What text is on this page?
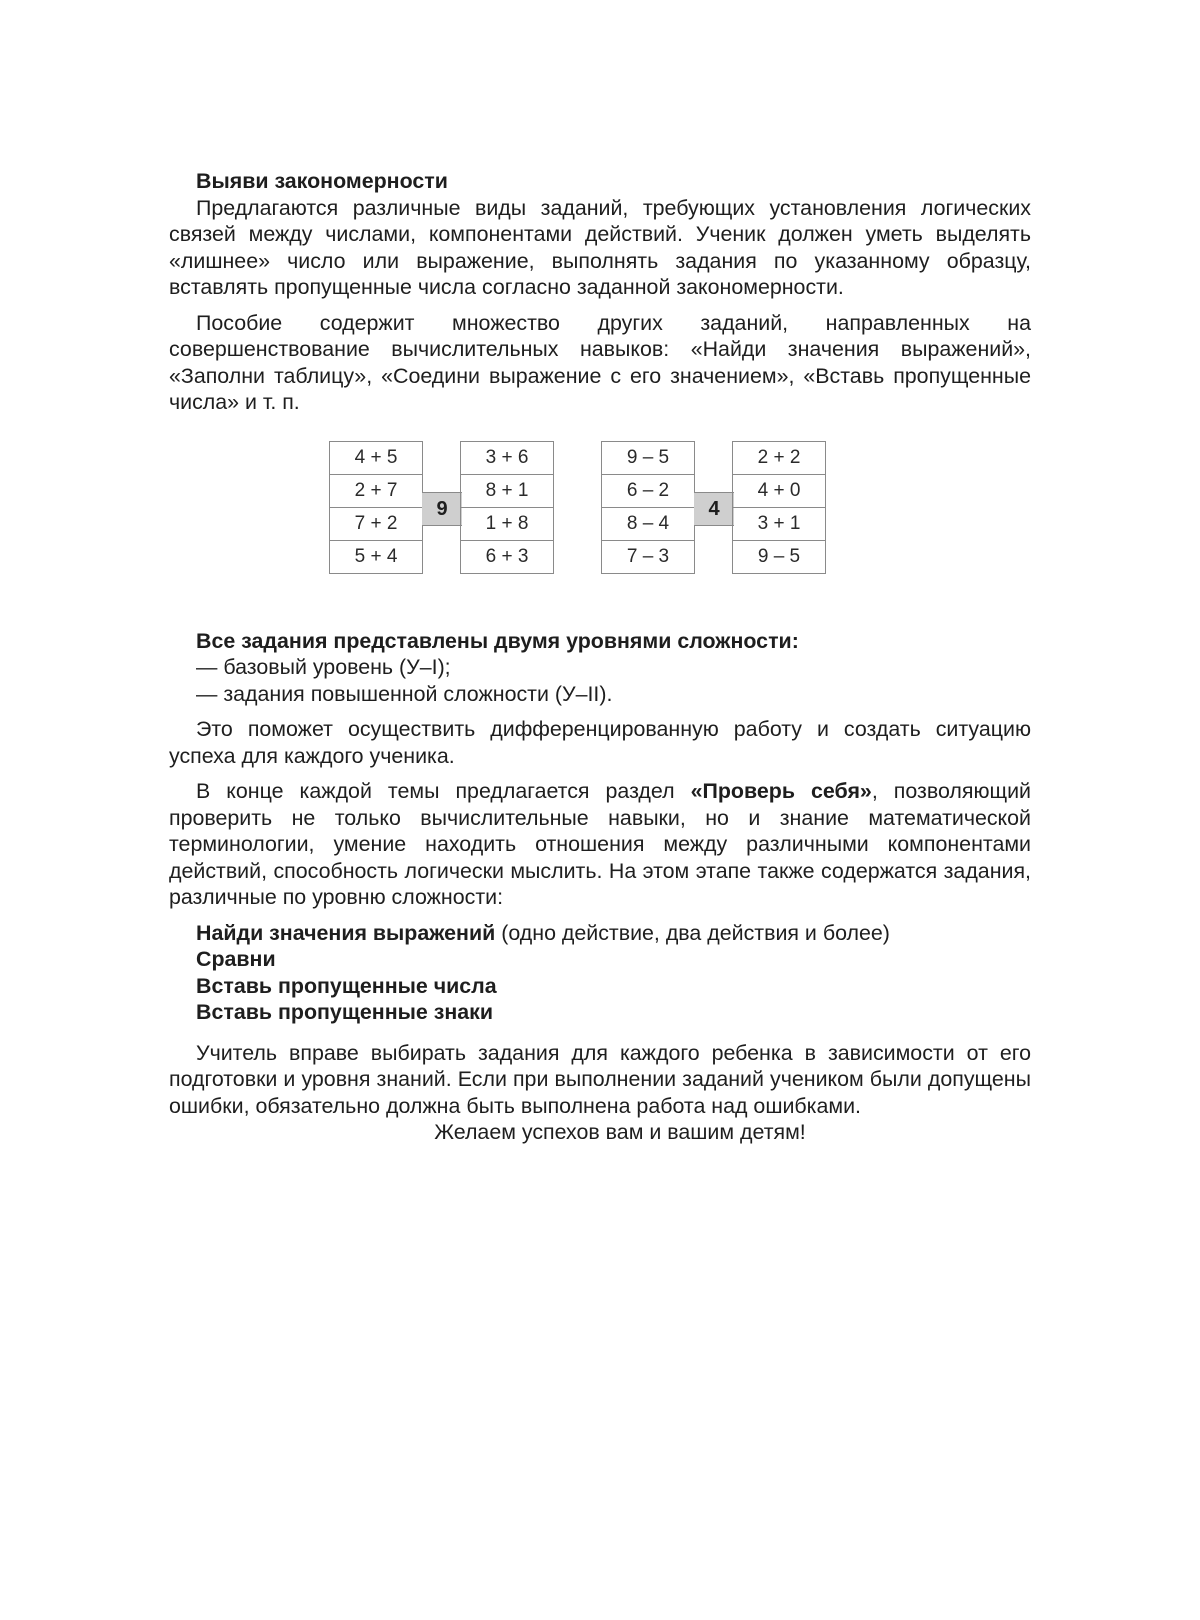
Выяви закономерности

Предлагаются различные виды заданий, требующих установления логических связей между числами, компонентами действий. Ученик должен уметь выделять «лишнее» число или выражение, выполнять задания по указанному образцу, вставлять пропущенные числа согласно заданной закономерности.

Пособие содержит множество других заданий, направленных на совершенствование вычислительных навыков: «Найди значения выражений», «Заполни таблицу», «Соедини выражение с его значением», «Вставь пропущенные числа» и т. п.

4 + 5
2 + 7
7 + 2
5 + 4
9
3 + 6
8 + 1
1 + 8
6 + 3
9 – 5
6 – 2
8 – 4
7 – 3
4
2 + 2
4 + 0
3 + 1
9 – 5
Все задания представлены двумя уровнями сложности:
— базовый уровень (У–I);
— задания повышенной сложности (У–II).

Это поможет осуществить дифференцированную работу и создать ситуацию успеха для каждого ученика.

В конце каждой темы предлагается раздел «Проверь себя», позволяющий проверить не только вычислительные навыки, но и знание математической терминологии, умение находить отношения между различными компонентами действий, способность логически мыслить. На этом этапе также содержатся задания, различные по уровню сложности:

Найди значения выражений (одно действие, два действия и более)
Сравни
Вставь пропущенные числа
Вставь пропущенные знаки

Учитель вправе выбирать задания для каждого ребенка в зависимости от его подготовки и уровня знаний. Если при выполнении заданий учеником были допущены ошибки, обязательно должна быть выполнена работа над ошибками.

Желаем успехов вам и вашим детям!
